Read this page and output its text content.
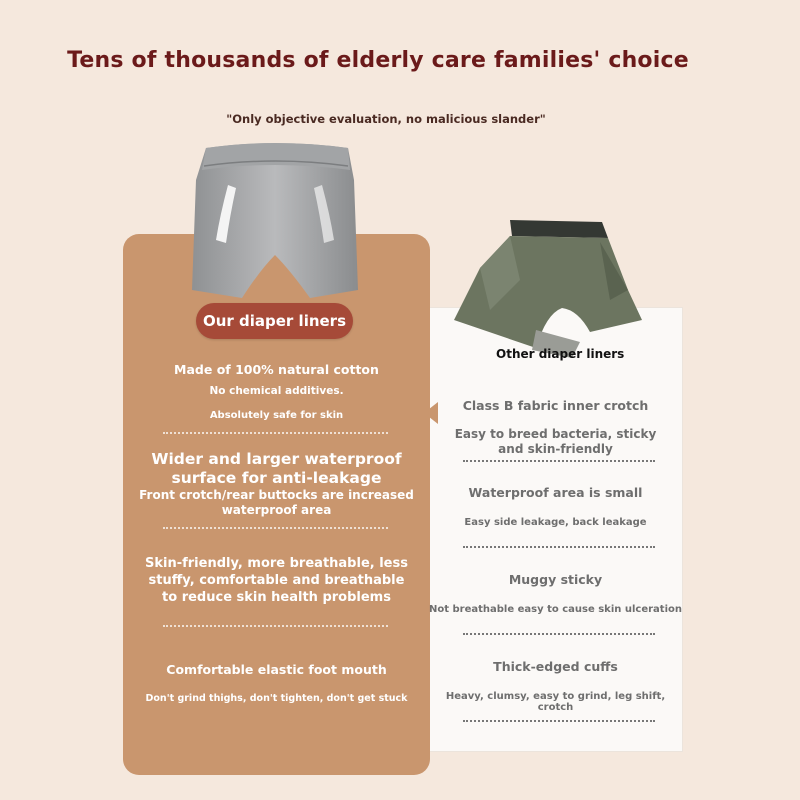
Tens of thousands of elderly care families' choice
"Only objective evaluation, no malicious slander"
Made of 100% natural cotton
No chemical additives.
Absolutely safe for skin
Wider and larger waterproof
surface for anti-leakage
Front crotch/rear buttocks are increased
waterproof area
Skin-friendly, more breathable, less
stuffy, comfortable and breathable
to reduce skin health problems
Comfortable elastic foot mouth
Don't grind thighs, don't tighten, don't get stuck
Our diaper liners
Other diaper liners
Class B fabric inner crotch
Easy to breed bacteria, sticky
and skin-friendly
Waterproof area is small
Easy side leakage, back leakage
Muggy sticky
Not breathable easy to cause skin ulceration
Thick-edged cuffs
Heavy, clumsy, easy to grind, leg shift, crotch
